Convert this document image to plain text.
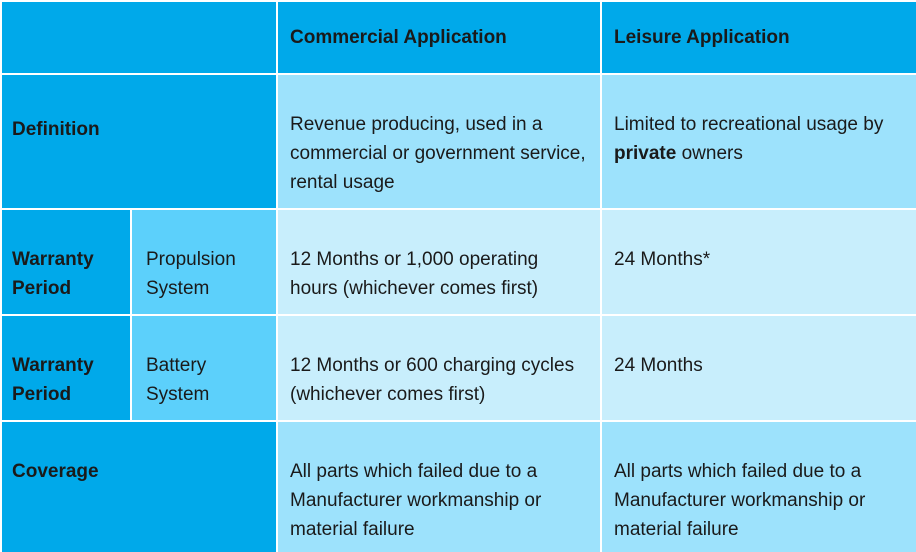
		Commercial Application	Leisure Application
Definition		Revenue producing, used in a commercial or government service, rental usage	Limited to recreational usage by private owners
Warranty Period	Propulsion System	12 Months or 1,000 operating hours (whichever comes first)	24 Months*
Warranty Period	Battery System	12 Months or 600 charging cycles (whichever comes first)	24 Months
Coverage		All parts which failed due to a Manufacturer workmanship or material failure	All parts which failed due to a Manufacturer workmanship or material failure
